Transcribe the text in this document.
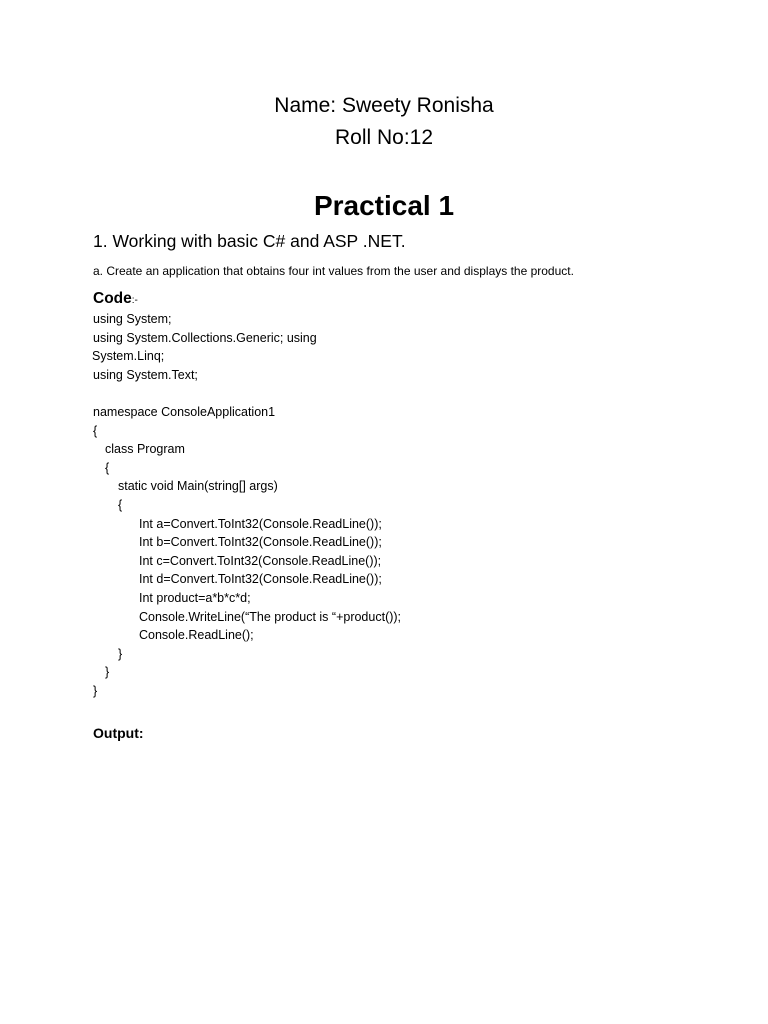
Name: Sweety Ronisha
Roll No:12
Practical 1
1. Working with basic C# and ASP .NET.
a. Create an application that obtains four int values from the user and displays the product.
Code:-
using System;
using System.Collections.Generic; using
System.Linq;
using System.Text;
namespace ConsoleApplication1
{
class Program
{
static void Main(string[] args)
{
Int a=Convert.ToInt32(Console.ReadLine());
Int b=Convert.ToInt32(Console.ReadLine());
Int c=Convert.ToInt32(Console.ReadLine());
Int d=Convert.ToInt32(Console.ReadLine());
Int product=a*b*c*d;
Console.WriteLine(“The product is “+product());
Console.ReadLine();
}
}
}
Output:
